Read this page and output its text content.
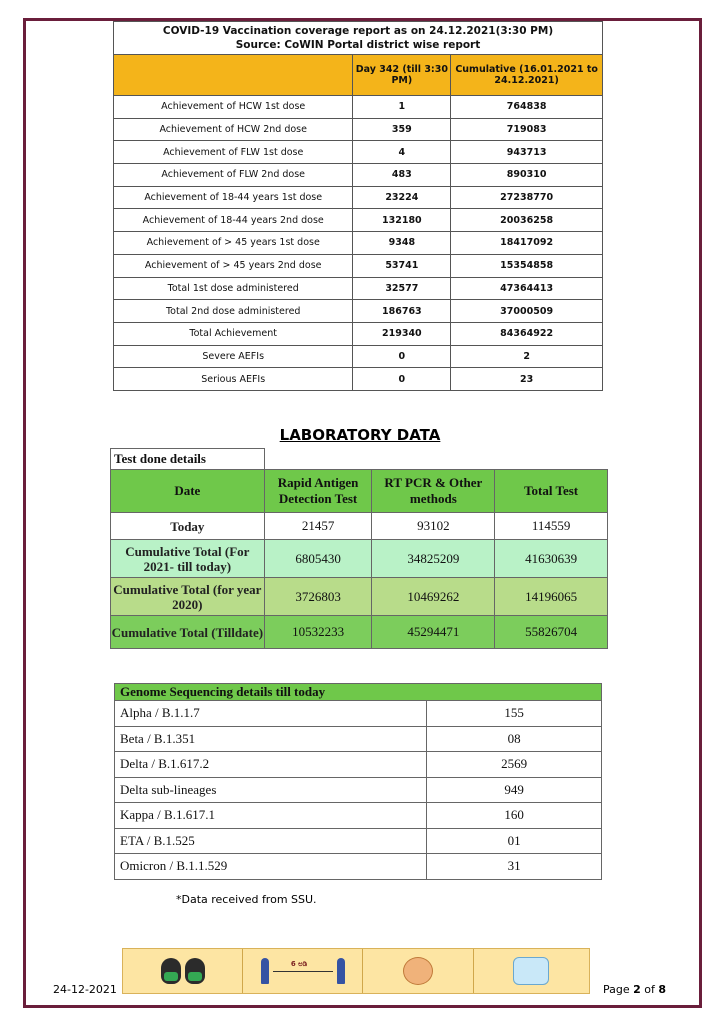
COVID-19 Vaccination coverage report as on 24.12.2021(3:30 PM)
Source: CoWIN Portal district wise report		

	Day 342 (till 3:30 PM)	Cumulative (16.01.2021 to 24.12.2021)
Achievement of HCW 1st dose	1	764838
Achievement of HCW 2nd dose	359	719083
Achievement of FLW 1st dose	4	943713
Achievement of FLW 2nd dose	483	890310
Achievement of 18-44 years 1st dose	23224	27238770
Achievement of 18-44 years 2nd dose	132180	20036258
Achievement of > 45 years 1st dose	9348	18417092
Achievement of > 45 years 2nd dose	53741	15354858
Total 1st dose administered	32577	47364413
Total 2nd dose administered	186763	37000509
Total Achievement	219340	84364922
Severe AEFIs	0	2
Serious AEFIs	0	23
LABORATORY DATA
Test done details			
Date	Rapid Antigen Detection Test	RT PCR & Other methods	Total Test
Today	21457	93102	114559
Cumulative Total (For 2021- till today)	6805430	34825209	41630639
Cumulative Total (for year 2020)	3726803	10469262	14196065
Cumulative Total (Tilldate)	10532233	45294471	55826704
Genome Sequencing details till today	
Alpha / B.1.1.7	155
Beta / B.1.351	08
Delta / B.1.617.2	2569
Delta sub-lineages	949
Kappa / B.1.617.1	160
ETA / B.1.525	01
Omicron / B.1.1.529	31
*Data received from SSU.
6 ಅಡಿ
24-12-2021	Page 2 of 8
